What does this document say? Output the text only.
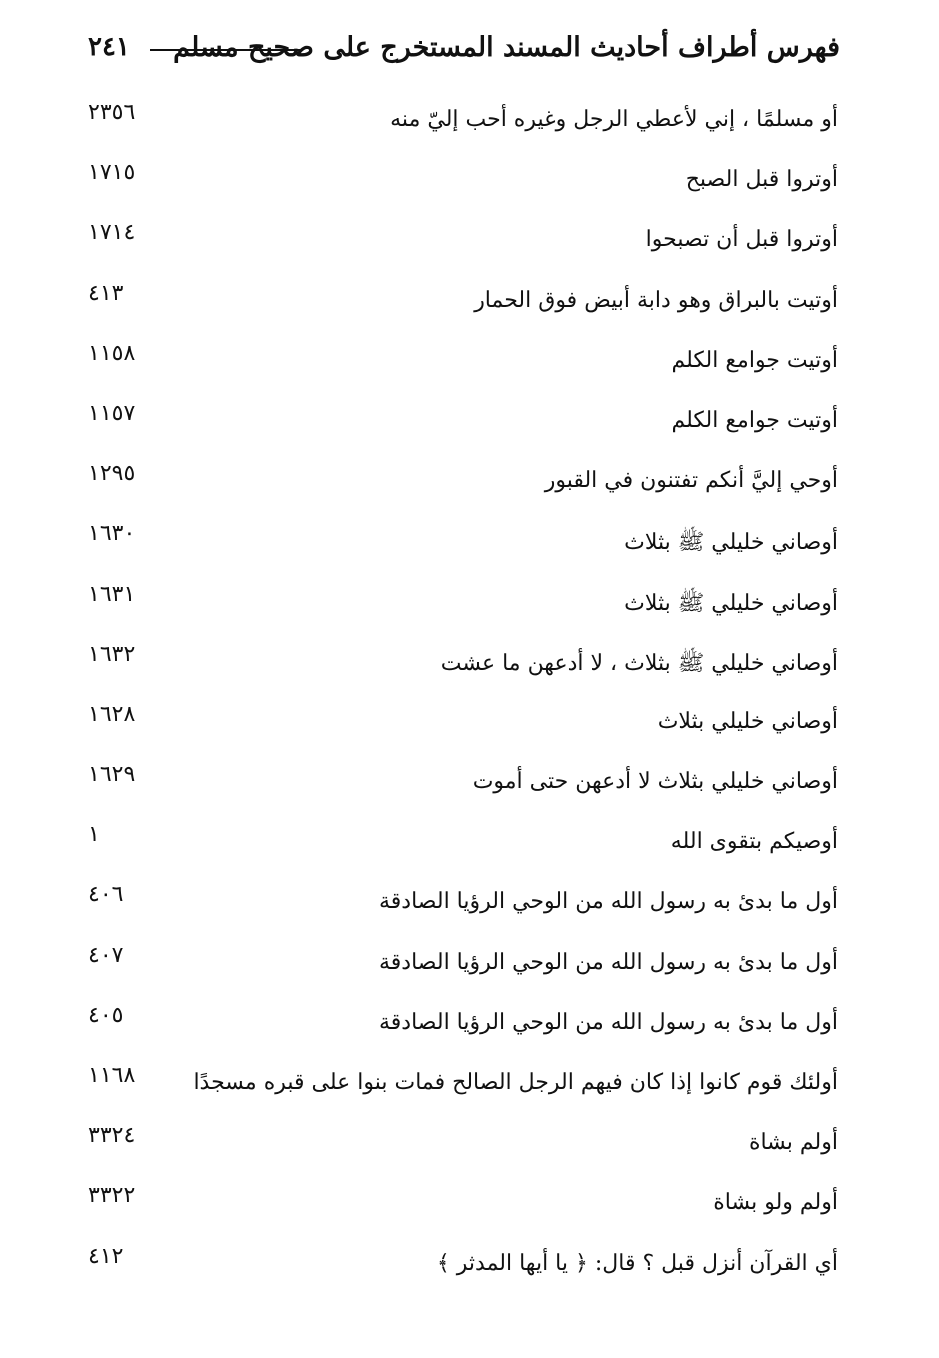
فهرس أطراف أحاديث المسند المستخرج على صحيح مسلم
٢٤١
أو مسلمًا ، إني لأعطي الرجل وغيره أحب إليّ منه
٢٣٥٦
أوتروا قبل الصبح
١٧١٥
أوتروا قبل أن تصبحوا
١٧١٤
أوتيت بالبراق وهو دابة أبيض فوق الحمار
٤١٣
أوتيت جوامع الكلم
١١٥٨
أوتيت جوامع الكلم
١١٥٧
أوحي إليَّ أنكم تفتنون في القبور
١٢٩٥
أوصاني خليلي ﷺ بثلاث
١٦٣٠
أوصاني خليلي ﷺ بثلاث
١٦٣١
أوصاني خليلي ﷺ بثلاث ، لا أدعهن ما عشت
١٦٣٢
أوصاني خليلي بثلاث
١٦٢٨
أوصاني خليلي بثلاث لا أدعهن حتى أموت
١٦٢٩
أوصيكم بتقوى الله
١
أول ما بدئ به رسول الله من الوحي الرؤيا الصادقة
٤٠٦
أول ما بدئ به رسول الله من الوحي الرؤيا الصادقة
٤٠٧
أول ما بدئ به رسول الله من الوحي الرؤيا الصادقة
٤٠٥
أولئك قوم كانوا إذا كان فيهم الرجل الصالح فمات بنوا على قبره مسجدًا
١١٦٨
أولم بشاة
٣٣٢٤
أولم ولو بشاة
٣٣٢٢
أي القرآن أنزل قبل ؟ قال: ﴿ يا أيها المدثر ﴾
٤١٢
